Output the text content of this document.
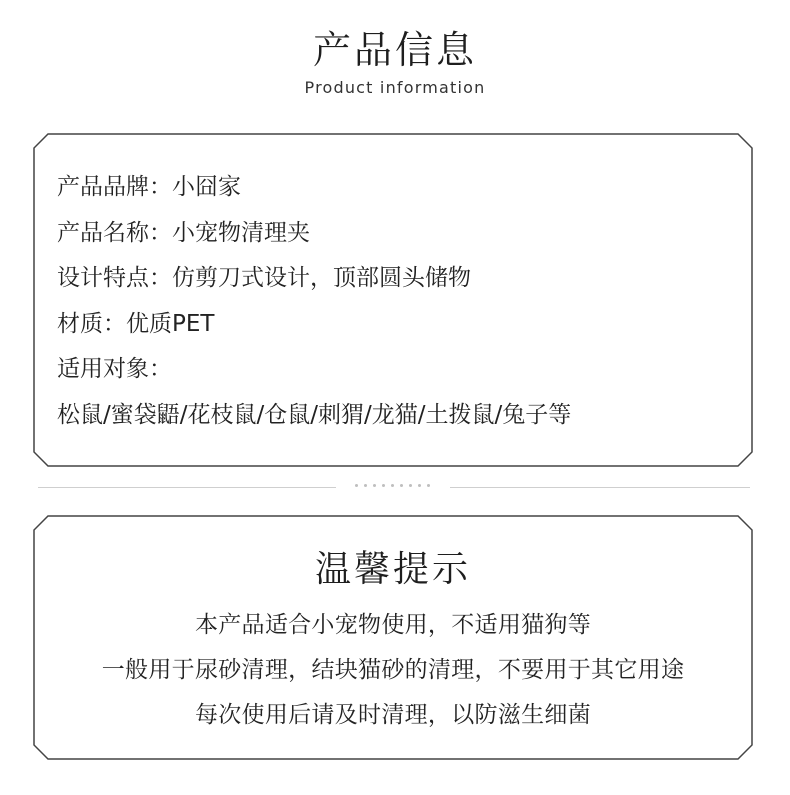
产品信息
Product information
产品品牌：小囧家
产品名称：小宠物清理夹
设计特点：仿剪刀式设计，顶部圆头储物
材质：优质PET
适用对象：
松鼠/蜜袋鼯/花枝鼠/仓鼠/刺猬/龙猫/土拨鼠/兔子等
温馨提示
本产品适合小宠物使用，不适用猫狗等
一般用于尿砂清理，结块猫砂的清理，不要用于其它用途
每次使用后请及时清理，以防滋生细菌
